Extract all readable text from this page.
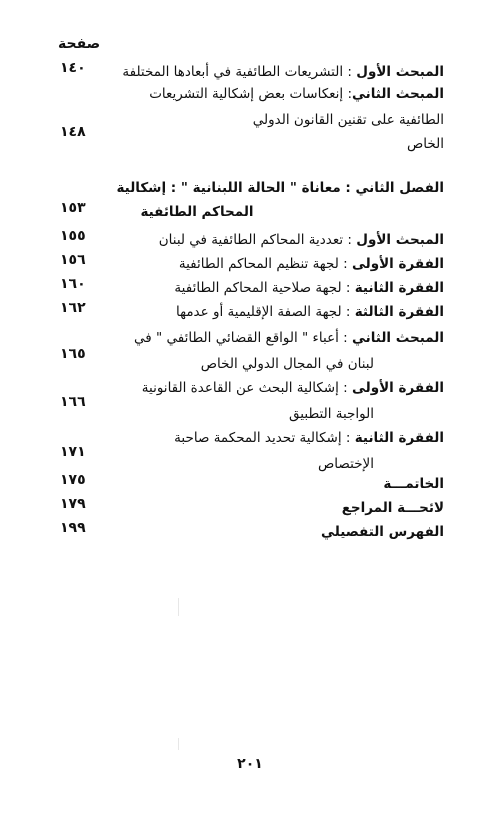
صفحة
المبحث الأول : التشريعات الطائفية في أبعادها المختلفة
١٤٠
المبحث الثاني: إنعكاسات بعض إشكالية التشريعات
الطائفية على تقنين القانون الدولي
الخاص
١٤٨
الفصل الثاني : معاناة " الحالة اللبنانية " : إشكالية
المحاكم الطائفية
١٥٣
المبحث الأول : تعددية المحاكم الطائفية في لبنان
١٥٥
الفقرة الأولى : لجهة تنظيم المحاكم الطائفية
١٥٦
الفقرة الثانية : لجهة صلاحية المحاكم الطائفية
١٦٠
الفقرة الثالثة : لجهة الصفة الإقليمية أو عدمها
١٦٢
المبحث الثاني : أعباء " الواقع القضائي الطائفي " في
لبنان في المجال الدولي الخاص
١٦٥
الفقرة الأولى : إشكالية البحث عن القاعدة القانونية
الواجبة التطبيق
١٦٦
الفقرة الثانية : إشكالية تحديد المحكمة صاحبة
الإختصاص
١٧١
الخاتمـــة
١٧٥
لائحـــة المراجع
١٧٩
الفهرس التفصيلي
١٩٩
٢٠١
